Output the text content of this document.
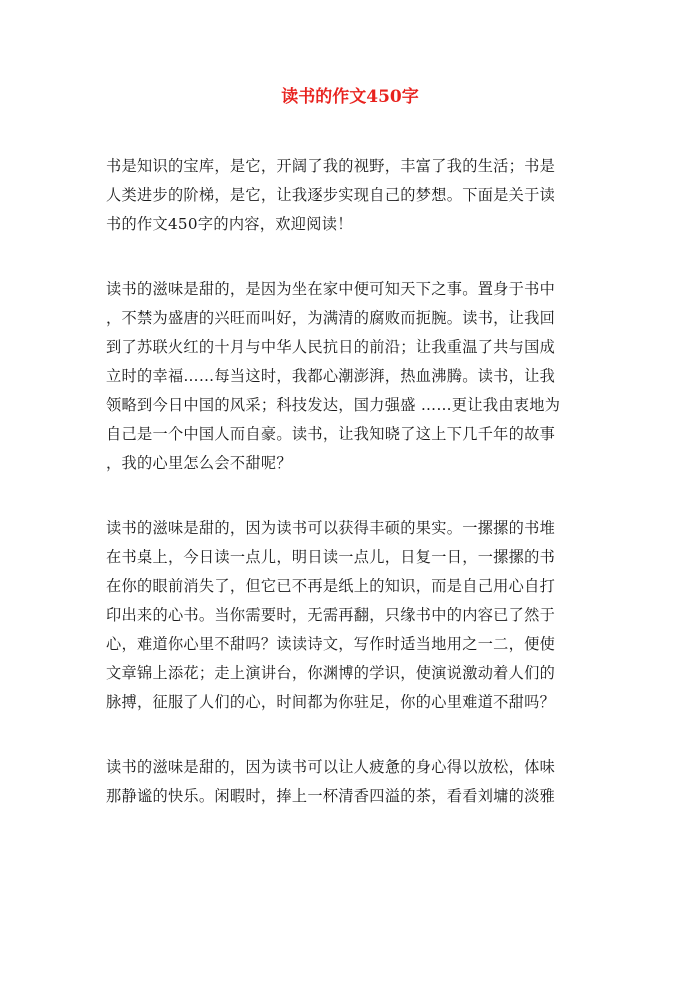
读书的作文450字
书是知识的宝库，是它，开阔了我的视野，丰富了我的生活；书是
人类进步的阶梯，是它，让我逐步实现自己的梦想。下面是关于读
书的作文450字的内容，欢迎阅读！
读书的滋味是甜的，是因为坐在家中便可知天下之事。置身于书中
，不禁为盛唐的兴旺而叫好，为满清的腐败而扼腕。读书，让我回
到了苏联火红的十月与中华人民抗日的前沿；让我重温了共与国成
立时的幸福……每当这时，我都心潮澎湃，热血沸腾。读书，让我
领略到今日中国的风采；科技发达，国力强盛 ……更让我由衷地为
自己是一个中国人而自豪。读书，让我知晓了这上下几千年的故事
，我的心里怎么会不甜呢？
读书的滋味是甜的，因为读书可以获得丰硕的果实。一摞摞的书堆
在书桌上，今日读一点儿，明日读一点儿，日复一日，一摞摞的书
在你的眼前消失了，但它已不再是纸上的知识，而是自己用心自打
印出来的心书。当你需要时，无需再翻，只缘书中的内容已了然于
心，难道你心里不甜吗？读读诗文，写作时适当地用之一二，便使
文章锦上添花；走上演讲台，你渊博的学识，使演说激动着人们的
脉搏，征服了人们的心，时间都为你驻足，你的心里难道不甜吗？
读书的滋味是甜的，因为读书可以让人疲惫的身心得以放松，体味
那静谧的快乐。闲暇时，捧上一杯清香四溢的茶，看看刘墉的淡雅
